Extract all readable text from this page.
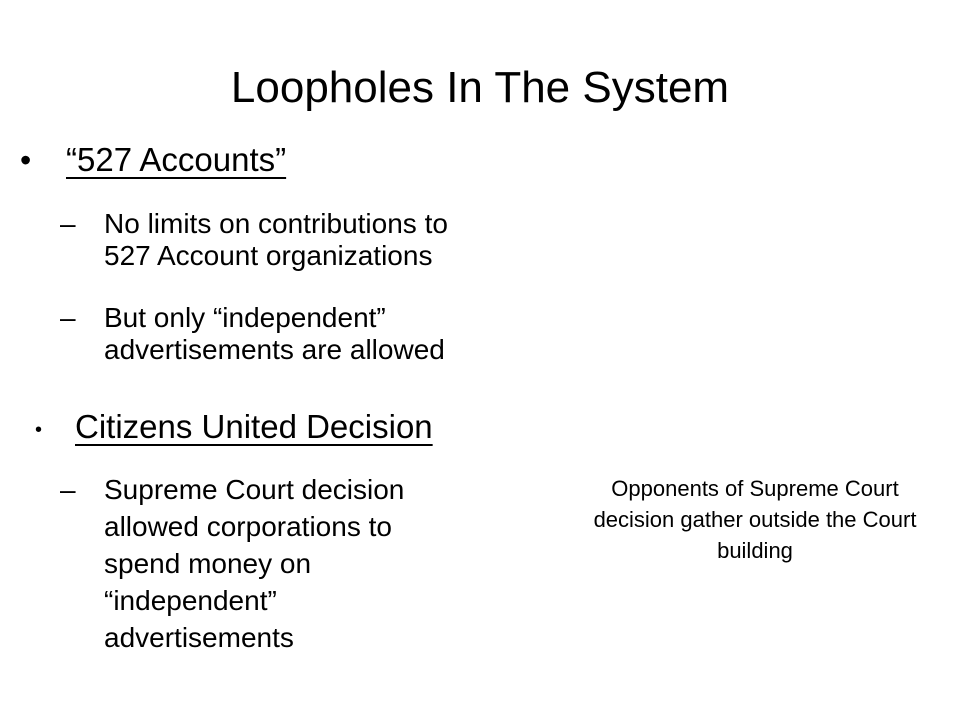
Loopholes In The System
• “527 Accounts”
– No limits on contributions to
527 Account organizations
– But only “independent”
advertisements are allowed
• Citizens United Decision
– Supreme Court decision
allowed corporations to
spend money on
“independent”
advertisements
Opponents of Supreme Court decision gather outside the Court building
